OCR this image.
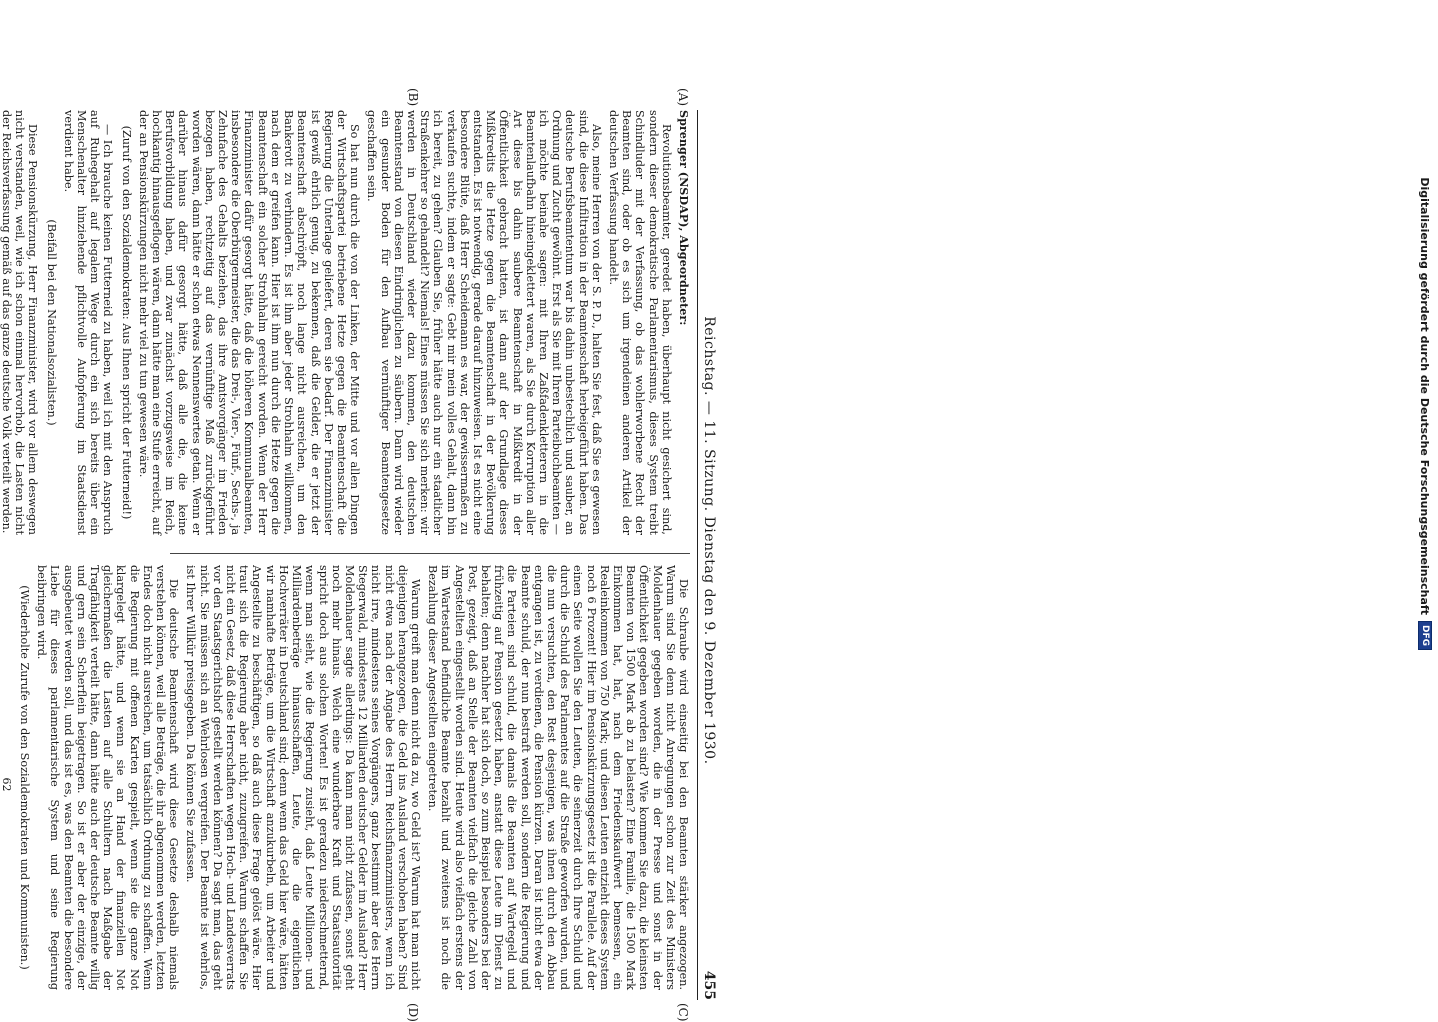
Reichstag. — 11. Sitzung. Dienstag den 9. Dezember 1930.
455
(A)
(B)
(C)
(D)

Sprenger (NSDAP), Abgeordneter:

Revolutionsbeamter, geredet haben, überhaupt nicht gesichert sind, sondern dieser demokratische Parlamentarismus, dieses System treibt Schindluder mit der Verfassung, ob das wohlerworbene Recht der Beamten sind, oder ob es sich um irgendeinen anderen Artikel der deutschen Verfassung handelt.

Also, meine Herren von der S. P. D., halten Sie fest, daß Sie es gewesen sind, die diese Infiltration in der Beamtenschaft herbeigeführt haben. Das deutsche Berufsbeamtentum war bis dahin unbestechlich und sauber, an Ordnung und Zucht gewöhnt. Erst als Sie mit Ihren Parteibuchbeamten — ich möchte beinahe sagen: mit Ihren Zaßfadenkletterern in die Beamtenlaufbahn hineingeklettert waren, als Sie durch Korruption aller Art diese bis dahin saubere Beamtenschaft in Mißkredit in der Öffentlichkeit gebracht hatten, ist dann auf der Grundlage dieses Mißkredits die Hetze gegen die Beamtenschaft in der Bevölkerung entstanden. Es ist notwendig, gerade darauf hinzuweisen. Ist es nicht eine besondere Blüte, daß Herr Scheidemann es war, der gewissermaßen zu verkaufen suchte, indem er sagte: Gebt mir mein volles Gehalt, dann bin ich bereit, zu gehen? Glauben Sie, früher hätte auch nur ein staatlicher Straßenkehrer so gehandelt? Niemals! Eines müssen Sie sich merken: wir werden in Deutschland wieder dazu kommen, den deutschen Beamtenstand von diesen Eindringlichen zu säubern. Dann wird wieder ein gesunder Boden für den Aufbau vernünftiger Beamtengesetze geschaffen sein.

So hat nun durch die von der Linken, der Mitte und vor allen Dingen der Wirtschaftspartei betriebene Hetze gegen die Beamtenschaft die Regierung die Unterlage geliefert, deren sie bedarf. Der Finanzminister ist gewiß ehrlich genug, zu bekennen, daß die Gelder, die er jetzt der Beamtenschaft abschröpft, noch lange nicht ausreichen, um den Bankerott zu verhindern. Es ist ihm aber jeder Strohhalm willkommen, nach dem er greifen kann. Hier ist ihm nun durch die Hetze gegen die Beamtenschaft ein solcher Strohhalm gereicht worden. Wenn der Herr Finanzminister dafür gesorgt hätte, daß die höheren Kommunalbeamten, insbesondere die Oberbürgermeister, die das Drei-, Vier-, Fünf-, Sechs-, ja Zehnfache des Gehalts beziehen, das ihre Amtsvorgänger im Frieden bezogen haben, rechtzeitig auf das vernünftige Maß zurückgeführt worden wären, dann hätte er schon etwas Nennenswertes getan. Wenn er darüber hinaus dafür gesorgt hätte, daß alle die, die keine Berufsvorbildung haben, und zwar zunächst vorzugsweise im Reich, hochkantig hinausgeflogen wären, dann hätte man eine Stufe erreicht, auf der an Pensionskürzungen nicht mehr viel zu tun gewesen wäre.

(Zuruf von den Sozialdemokraten: Aus Ihnen spricht der Futterneid!)

— Ich brauche keinen Futterneid zu haben, weil ich mit den Anspruch auf Ruhegehalt auf legalem Wege durch ein sich bereits über ein Menschenalter hinziehende pflichtvolle Aufopferung im Staatsdienst verdient habe.

(Beifall bei den Nationalsozialisten.)

Diese Pensionskürzung, Herr Finanzminister, wird vor allem deswegen nicht verstanden, weil, wie ich schon einmal hervorhob, die Lasten nicht der Reichsverfassung gemäß auf das ganze deutsche Volk verteilt werden.

Die Schraube wird einseitig bei den Beamten stärker angezogen. Warum sind Sie denn nicht Anregungen schon zur Zeit des Ministers Moldenhauer gegeben worden, die in der Presse und sonst in der Öffentlichkeit gegeben worden sind? Wie kommen Sie dazu, die kleinsten Beamten von 1500 Mark ab zu belasten? Eine Familie, die 1500 Mark Einkommen hat, hat, nach dem Friedenskaufwert bemessen, ein Realeinkommen von 750 Mark; und diesen Leuten entzieht dieses System noch 6 Prozent! Hier im Pensionskürzungsgesetz ist die Parallele. Auf der einen Seite wollen Sie den Leuten, die seinerzeit durch Ihre Schuld und durch die Schuld des Parlamentes auf die Straße geworfen wurden, und die nun versuchten, den Rest desjenigen, was ihnen durch den Abbau entgangen ist, zu verdienen, die Pension kürzen. Daran ist nicht etwa der Beamte schuld, der nun bestraft werden soll, sondern die Regierung und die Parteien sind schuld, die damals die Beamten auf Wartegeld und frühzeitig auf Pension gesetzt haben, anstatt diese Leute im Dienst zu behalten; denn nachher hat sich doch, so zum Beispiel besonders bei der Post, gezeigt, daß an Stelle der Beamten vielfach die gleiche Zahl von Angestellten eingestellt worden sind. Heute wird also vielfach erstens der im Wartestand befindliche Beamte bezahlt und zweitens ist noch die Bezahlung dieser Angestellten eingetreten.

Warum greift man denn nicht da zu, wo Geld ist? Warum hat man nicht diejenigen herangezogen, die Geld ins Ausland verschoben haben? Sind nicht etwa nach der Angabe des Herrn Reichsfinanzministers, wenn ich nicht irre, mindestens seines Vorgängers, ganz bestimmt aber des Herrn Stegerwald, mindestens 12 Milliarden deutscher Gelder im Ausland? Herr Moldenhauer sagte allerdings: Da kann man nicht zufassen, sonst geht noch mehr hinaus. Welch eine wunderbare Kraft und Staatsautorität spricht doch aus solchen Worten! Es ist geradezu niederschmetternd, wenn man sieht, wie die Regierung zusieht, daß Leute Millionen- und Milliardenbeträge hinausschaffen, Leute, die die eigentlichen Hochverräter in Deutschland sind; denn wenn das Geld hier wäre, hätten wir namhafte Beträge, um die Wirtschaft anzukurbeln, um Arbeiter und Angestellte zu beschäftigen, so daß auch diese Frage gelöst wäre. Hier traut sich die Regierung aber nicht, zuzugreifen. Warum schaffen Sie nicht ein Gesetz, daß diese Herrschaften wegen Hoch- und Landesverrats vor den Staatsgerichtshof gestellt werden können? Da sagt man, das geht nicht. Sie müssen sich an Wehrlosen vergreifen. Der Beamte ist wehrlos, ist Ihrer Willkür preisgegeben. Da können Sie zufassen.

Die deutsche Beamtenschaft wird diese Gesetze deshalb niemals verstehen können, weil alle Beträge, die ihr abgenommen werden, letzten Endes doch nicht ausreichen, um tatsächlich Ordnung zu schaffen. Wenn die Regierung mit offenen Karten gespielt, wenn sie die ganze Not klargelegt hätte, und wenn sie an Hand der finanziellen Not gleichermaßen die Lasten auf alle Schultern nach Maßgabe der Tragfähigkeit verteilt hätte, dann hätte auch der deutsche Beamte willig und gern sein Scherflein beigetragen. So ist er aber der einzige, der ausgebeutet werden soll, und das ist es, was den Beamten die besondere Liebe für dieses parlamentarische System und seine Regierung beibringen wird.

(Wiederholte Zurufe von den Sozialdemokraten und Kommunisten.)

62

Digitalisierung gefördert durch die Deutsche Forschungsgemeinschaft
DFG
